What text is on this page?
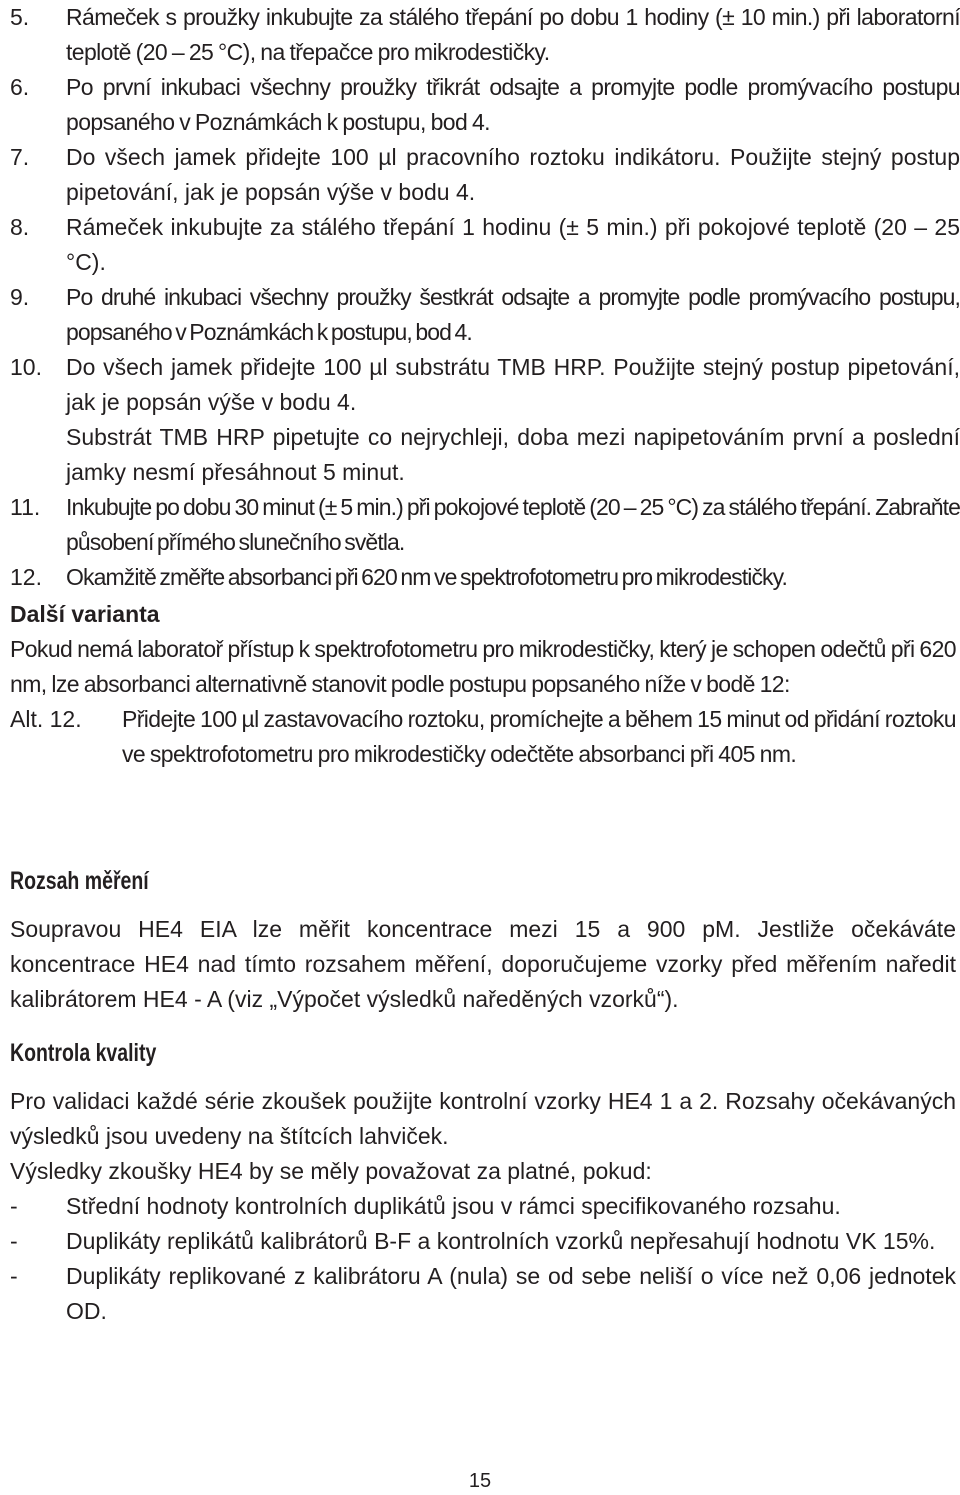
5.	Rámeček s proužky inkubujte za stálého třepání po dobu 1 hodiny (± 10 min.) při laboratorní teplotě (20 – 25 °C), na třepačce pro mikrodestičky.

6.	Po první inkubaci všechny proužky třikrát odsajte a promyjte podle promývacího postupu popsaného v Poznámkách k postupu, bod 4.

7.	Do všech jamek přidejte 100 µl pracovního roztoku indikátoru. Použijte stejný postup pipetování, jak je popsán výše v bodu 4.

8.	Rámeček inkubujte za stálého třepání 1 hodinu (± 5 min.) při pokojové teplotě (20 – 25 °C).

9.	Po druhé inkubaci všechny proužky šestkrát odsajte a promyjte podle promývacího postupu, popsaného v Poznámkách k postupu, bod 4.

10.	Do všech jamek přidejte 100 µl substrátu TMB HRP. Použijte stejný postup pipetování, jak je popsán výše v bodu 4.

Substrát TMB HRP pipetujte co nejrychleji, doba mezi napipetováním první a poslední jamky nesmí přesáhnout 5 minut.

11.	Inkubujte po dobu 30 minut (± 5 min.) při pokojové teplotě (20 – 25 °C) za stálého třepání. Zabraňte působení přímého slunečního světla.

12.	Okamžitě změřte absorbanci při 620 nm ve spektrofotometru pro mikrodestičky.

Další varianta

Pokud nemá laboratoř přístup k spektrofotometru pro mikrodestičky, který je schopen odečtů při 620 nm, lze absorbanci alternativně stanovit podle postupu popsaného níže v bodě 12:

Alt. 12.	Přidejte 100 µl zastavovacího roztoku, promíchejte a během 15 minut od přidání roztoku ve spektrofotometru pro mikrodestičky odečtěte absorbanci při 405 nm.

Rozsah měření

Soupravou HE4 EIA lze měřit koncentrace mezi 15 a 900 pM. Jestliže očekáváte koncentrace HE4 nad tímto rozsahem měření, doporučujeme vzorky před měřením naředit kalibrátorem HE4 - A (viz „Výpočet výsledků naředěných vzorků“).

Kontrola kvality

Pro validaci každé série zkoušek použijte kontrolní vzorky HE4 1 a 2. Rozsahy očekávaných výsledků jsou uvedeny na štítcích lahviček.

Výsledky zkoušky HE4 by se měly považovat za platné, pokud:

-	Střední hodnoty kontrolních duplikátů jsou v rámci specifikovaného rozsahu.
-	Duplikáty replikátů kalibrátorů B-F a kontrolních vzorků nepřesahují hodnotu VK 15%.
-	Duplikáty replikované z kalibrátoru A (nula) se od sebe neliší o více než 0,06 jednotek OD.
15
